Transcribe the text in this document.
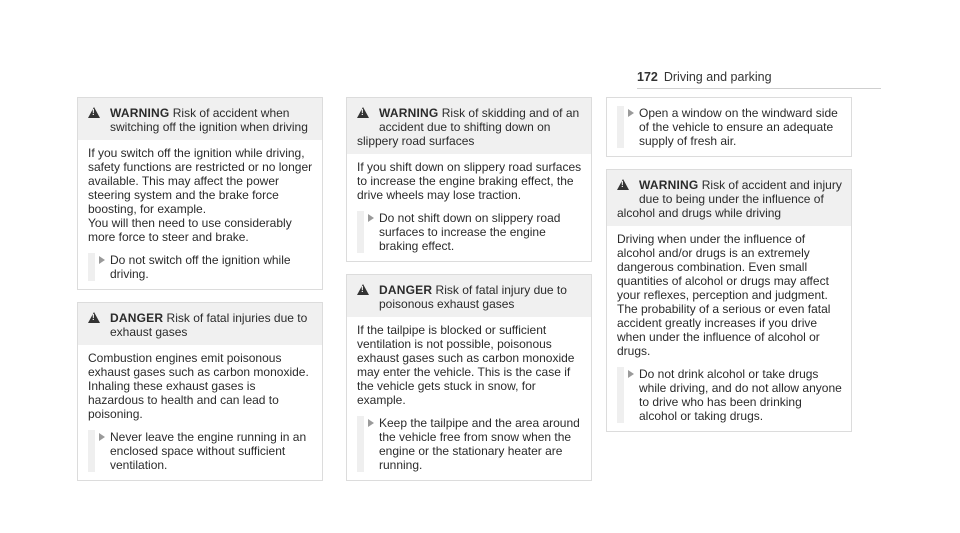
172 Driving and parking
!
WARNING Risk of accident when switching off the ignition when driving

If you switch off the ignition while driving, safety functions are restricted or no longer available. This may affect the power steering system and the brake force boosting, for example.

You will then need to use considerably more force to steer and brake.

Do not switch off the ignition while driving.
!
DANGER Risk of fatal injuries due to exhaust gases

Combustion engines emit poisonous exhaust gases such as carbon monoxide. Inhaling these exhaust gases is hazardous to health and can lead to poisoning.

Never leave the engine running in an enclosed space without sufficient ventilation.
!
WARNING Risk of skidding and of an accident due to shifting down on slippery road surfaces

If you shift down on slippery road surfaces to increase the engine braking effect, the drive wheels may lose traction.

Do not shift down on slippery road surfaces to increase the engine braking effect.
!
DANGER Risk of fatal injury due to poisonous exhaust gases

If the tailpipe is blocked or sufficient ventilation is not possible, poisonous exhaust gases such as carbon monoxide may enter the vehicle. This is the case if the vehicle gets stuck in snow, for example.

Keep the tailpipe and the area around the vehicle free from snow when the engine or the stationary heater are running.
Open a window on the windward side of the vehicle to ensure an adequate supply of fresh air.
!
WARNING Risk of accident and injury due to being under the influence of alcohol and drugs while driving

Driving when under the influence of alcohol and/or drugs is an extremely dangerous combination. Even small quantities of alcohol or drugs may affect your reflexes, perception and judgment.

The probability of a serious or even fatal accident greatly increases if you drive when under the influence of alcohol or drugs.

Do not drink alcohol or take drugs while driving, and do not allow anyone to drive who has been drinking alcohol or taking drugs.
